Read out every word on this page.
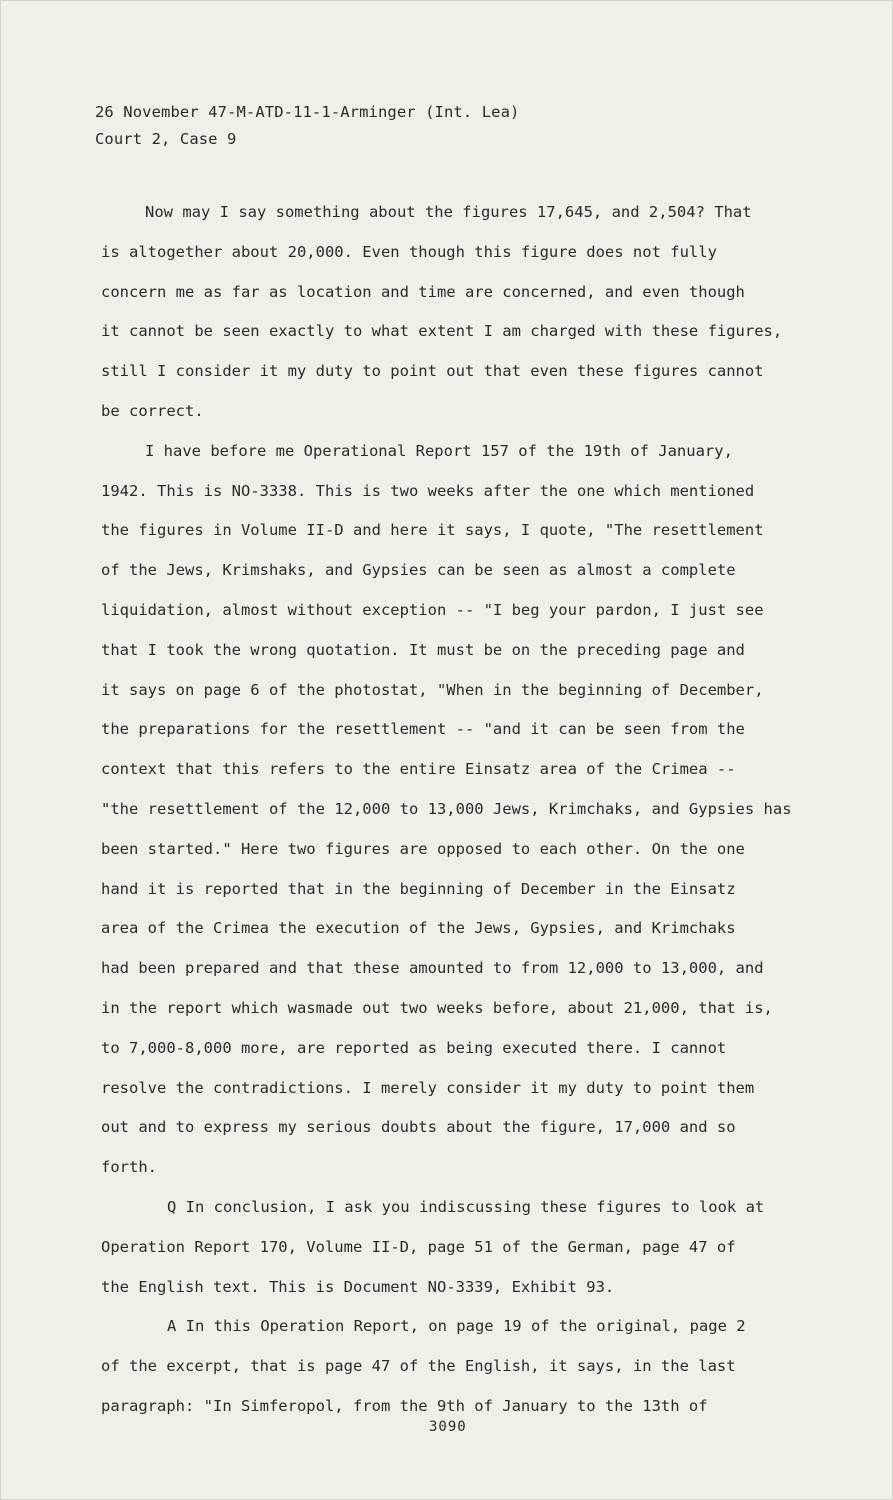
26 November 47-M-ATD-11-1-Arminger (Int. Lea)
Court 2, Case 9
Now may I say something about the figures 17,645, and 2,504? That
is altogether about 20,000. Even though this figure does not fully
concern me as far as location and time are concerned, and even though
it cannot be seen exactly to what extent I am charged with these figures,
still I consider it my duty to point out that even these figures cannot
be correct.
I have before me Operational Report 157 of the 19th of January,
1942. This is NO-3338. This is two weeks after the one which mentioned
the figures in Volume II-D and here it says, I quote, "The resettlement
of the Jews, Krimshaks, and Gypsies can be seen as almost a complete
liquidation, almost without exception -- "I beg your pardon, I just see
that I took the wrong quotation. It must be on the preceding page and
it says on page 6 of the photostat, "When in the beginning of December,
the preparations for the resettlement -- "and it can be seen from the
context that this refers to the entire Einsatz area of the Crimea --
"the resettlement of the 12,000 to 13,000 Jews, Krimchaks, and Gypsies has
been started." Here two figures are opposed to each other. On the one
hand it is reported that in the beginning of December in the Einsatz
area of the Crimea the execution of the Jews, Gypsies, and Krimchaks
had been prepared and that these amounted to from 12,000 to 13,000, and
in the report which wasmade out two weeks before, about 21,000, that is,
to 7,000-8,000 more, are reported as being executed there. I cannot
resolve the contradictions. I merely consider it my duty to point them
out and to express my serious doubts about the figure, 17,000 and so
forth.
Q In conclusion, I ask you indiscussing these figures to look at
Operation Report 170, Volume II-D, page 51 of the German, page 47 of
the English text. This is Document NO-3339, Exhibit 93.
A In this Operation Report, on page 19 of the original, page 2
of the excerpt, that is page 47 of the English, it says, in the last
paragraph: "In Simferopol, from the 9th of January to the 13th of
3090
